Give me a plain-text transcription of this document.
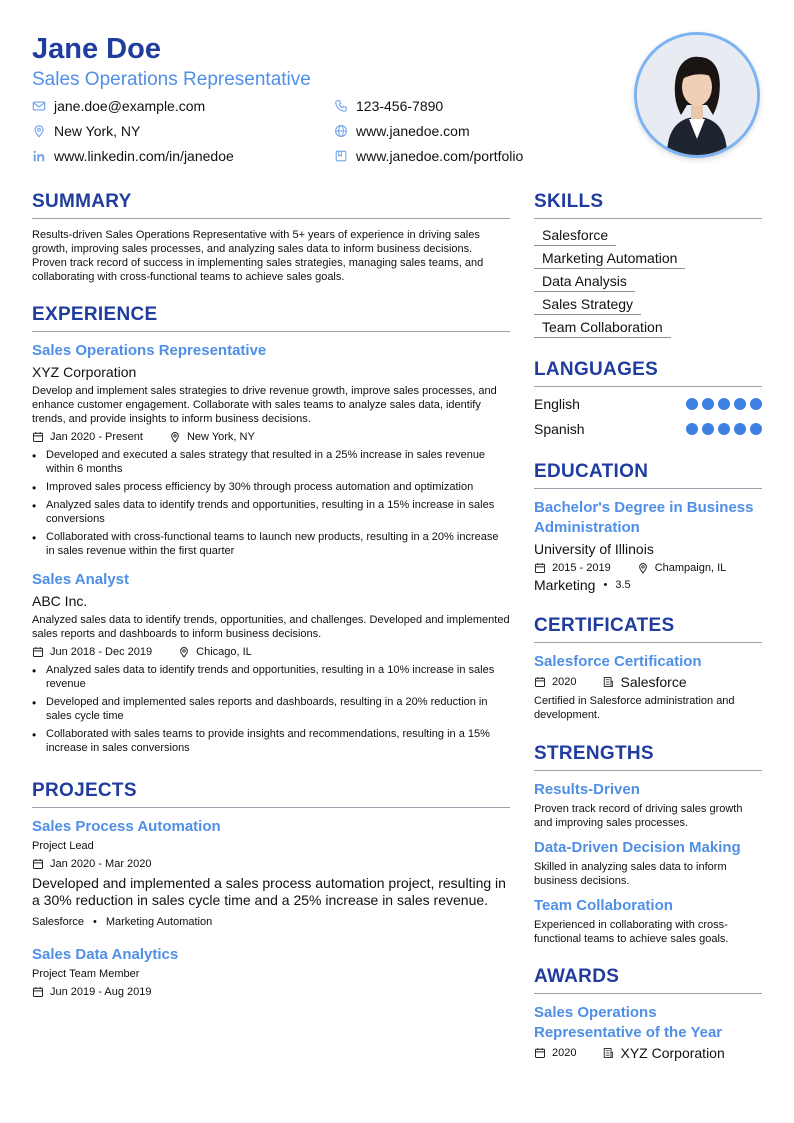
Jane Doe
Sales Operations Representative
jane.doe@example.com	123-456-7890
New York, NY	www.janedoe.com
www.linkedin.com/in/janedoe	www.janedoe.com/portfolio
SUMMARY

Results-driven Sales Operations Representative with 5+ years of experience in driving sales growth, improving sales processes, and analyzing sales data to inform business decisions. Proven track record of success in implementing sales strategies, managing sales teams, and collaborating with cross-functional teams to achieve sales goals.

EXPERIENCE
Sales Operations Representative
XYZ Corporation

Develop and implement sales strategies to drive revenue growth, improve sales processes, and enhance customer engagement. Collaborate with sales teams to analyze sales data, identify trends, and provide insights to inform business decisions.

Jan 2020 - Present	New York, NY
• Developed and executed a sales strategy that resulted in a 25% increase in sales revenue within 6 months
• Improved sales process efficiency by 30% through process automation and optimization
• Analyzed sales data to identify trends and opportunities, resulting in a 15% increase in sales conversions
• Collaborated with cross-functional teams to launch new products, resulting in a 20% increase in sales revenue within the first quarter
Sales Analyst
ABC Inc.

Analyzed sales data to identify trends, opportunities, and challenges. Developed and implemented sales reports and dashboards to inform business decisions.

Jun 2018 - Dec 2019	Chicago, IL
• Analyzed sales data to identify trends and opportunities, resulting in a 10% increase in sales revenue
• Developed and implemented sales reports and dashboards, resulting in a 20% reduction in sales cycle time
• Collaborated with sales teams to provide insights and recommendations, resulting in a 15% increase in sales conversions
PROJECTS
Sales Process Automation
Project Lead
Jan 2020 - Mar 2020

Developed and implemented a sales process automation project, resulting in a 30% reduction in sales cycle time and a 25% increase in sales revenue.

Salesforce • Marketing Automation
Sales Data Analytics
Project Team Member
Jun 2019 - Aug 2019
SKILLS
Salesforce
Marketing Automation
Data Analysis
Sales Strategy
Team Collaboration
LANGUAGES
English
Spanish
EDUCATION
Bachelor's Degree in Business Administration
University of Illinois
2015 - 2019	Champaign, IL
Marketing • 3.5
CERTIFICATES
Salesforce Certification
2020	Salesforce

Certified in Salesforce administration and development.

STRENGTHS
Results-Driven

Proven track record of driving sales growth and improving sales processes.

Data-Driven Decision Making

Skilled in analyzing sales data to inform business decisions.

Team Collaboration

Experienced in collaborating with cross-functional teams to achieve sales goals.

AWARDS
Sales Operations Representative of the Year
2020	XYZ Corporation
